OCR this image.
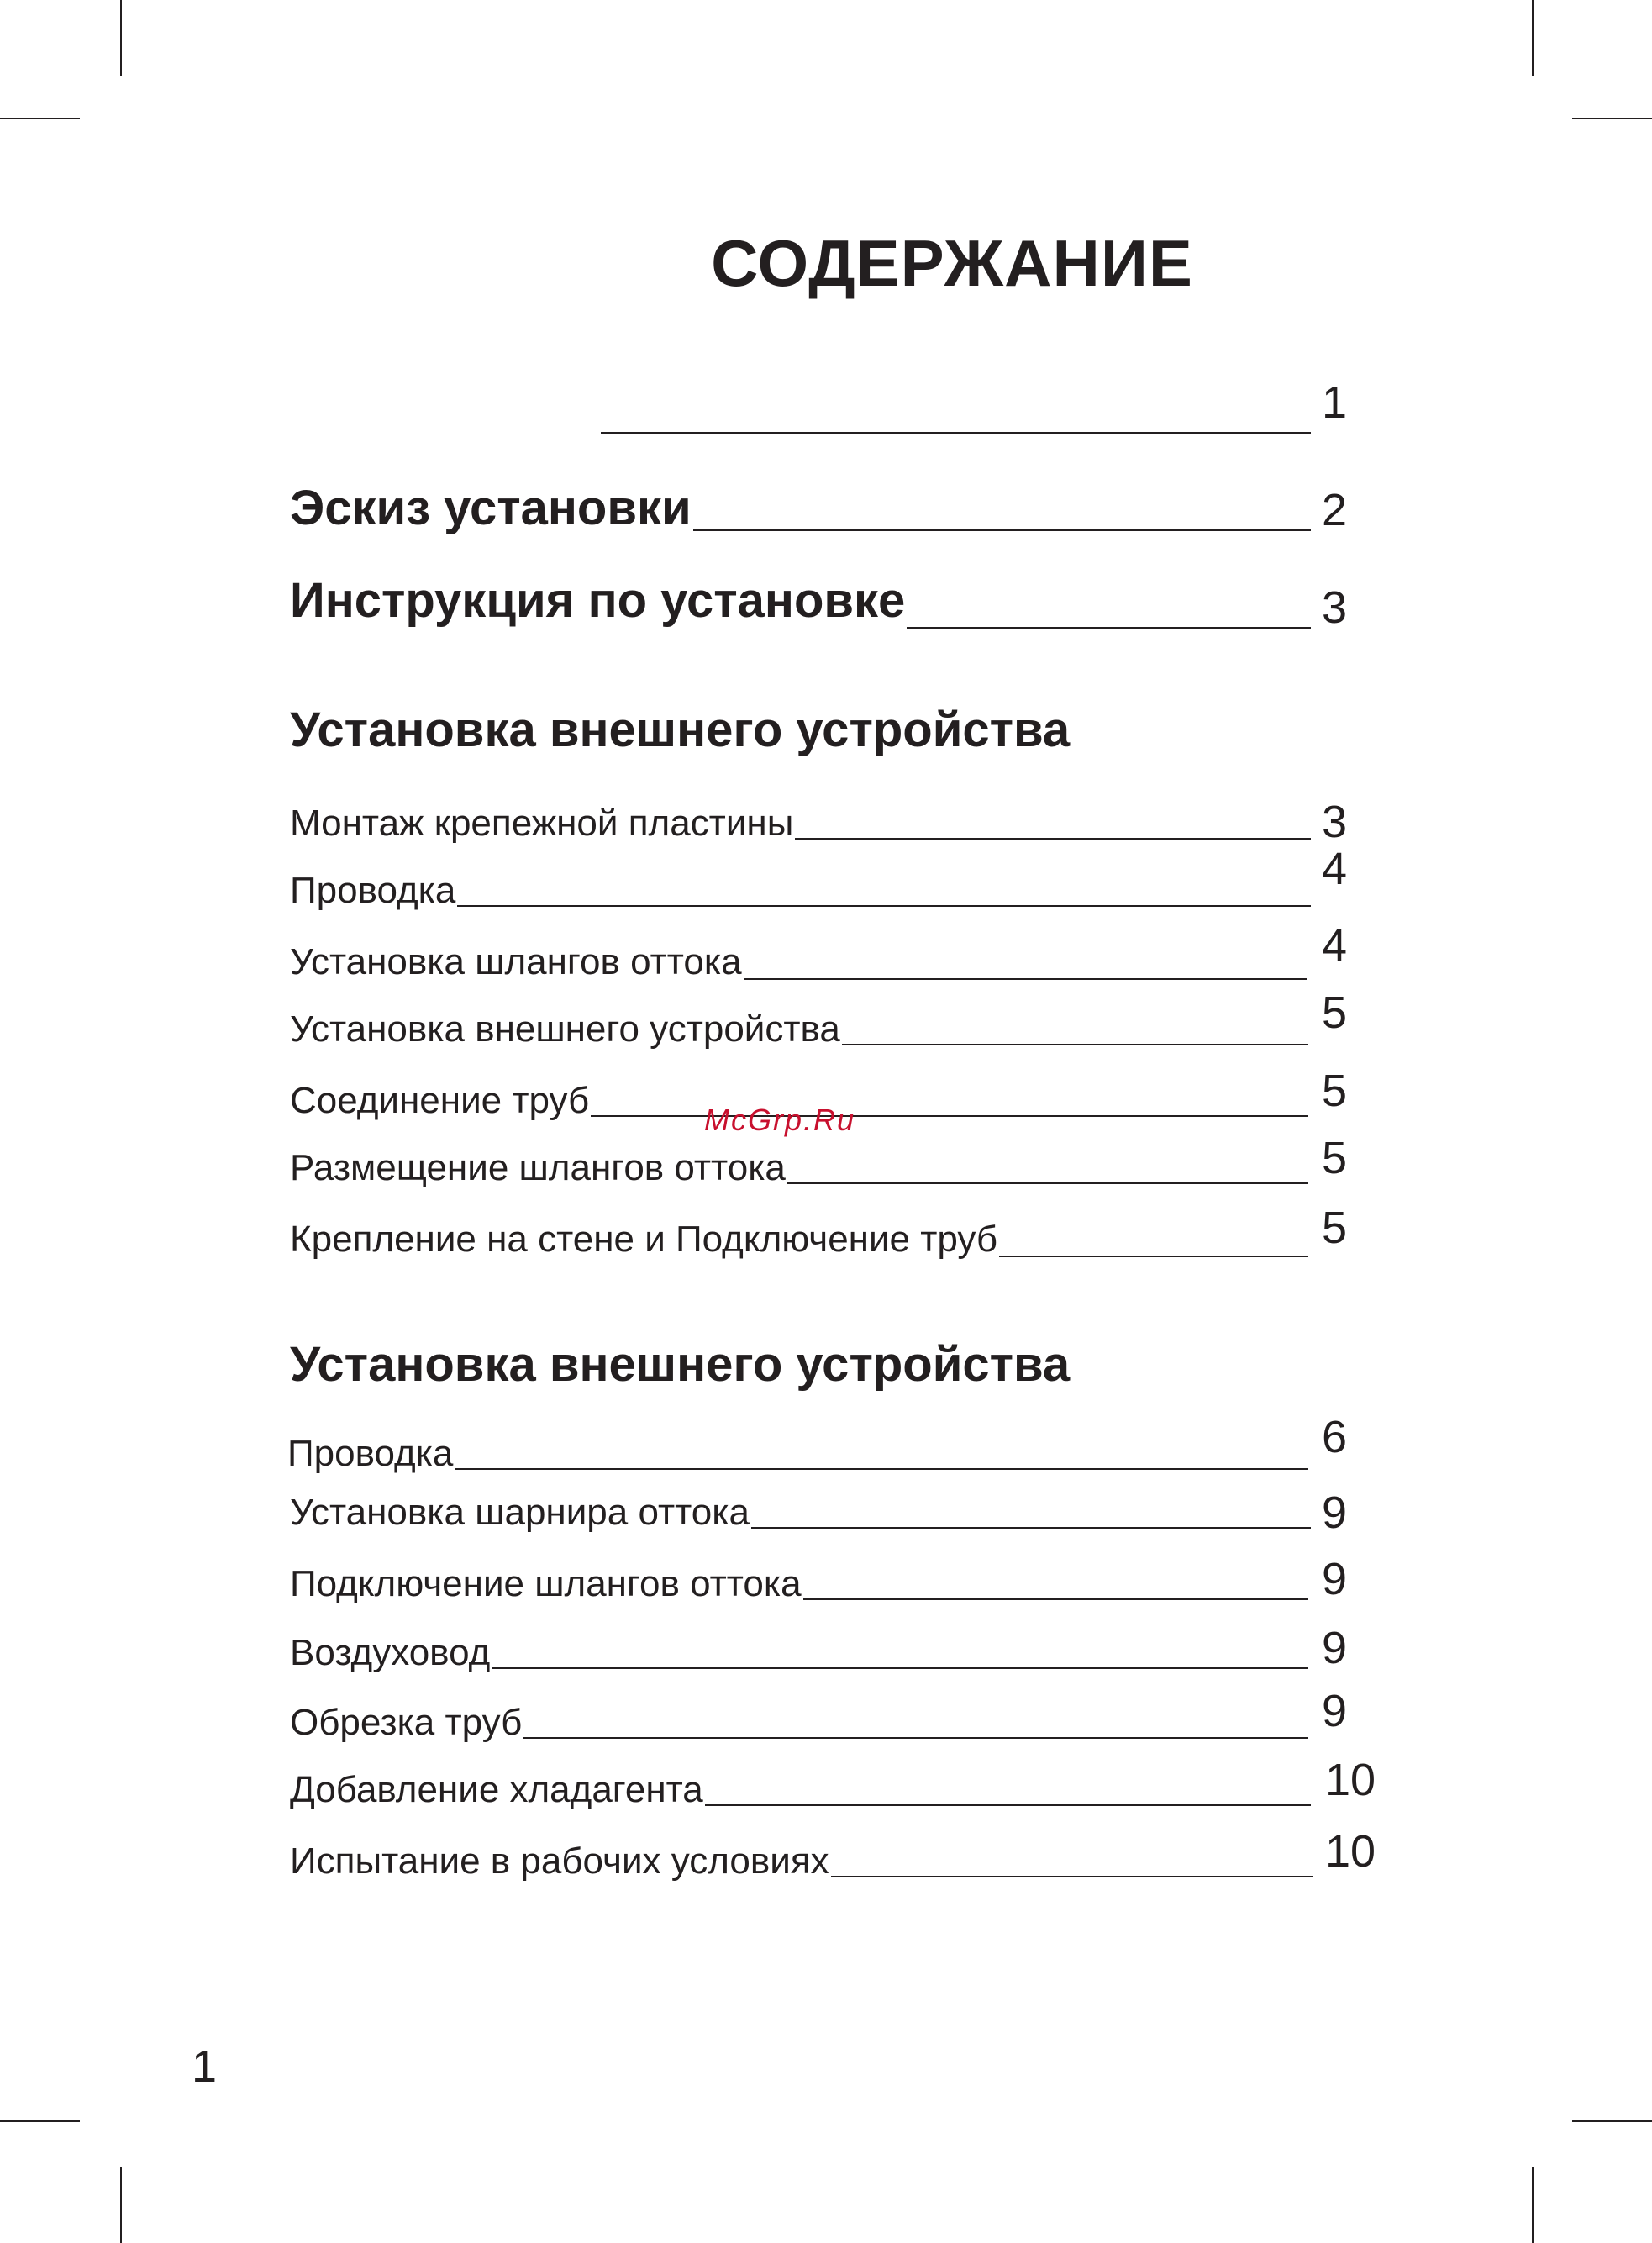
СОДЕРЖАНИЕ
1
Эскиз установки	2
Инструкция по установке	3
Установка внешнего устройства
Монтаж крепежной пластины	3
Проводка	4
Установка шлангов оттока	4
Установка внешнего устройства	5
Соединение труб	5
Размещение шлангов оттока	5
Крепление на стене и Подключение труб	5
Установка внешнего устройства
Проводка	6
Установка шарнира оттока	9
Подключение шлангов оттока	9
Воздуховод	9
Обрезка труб	9
Добавление хладагента	10
Испытание в рабочих условиях	10
McGrp.Ru
1
